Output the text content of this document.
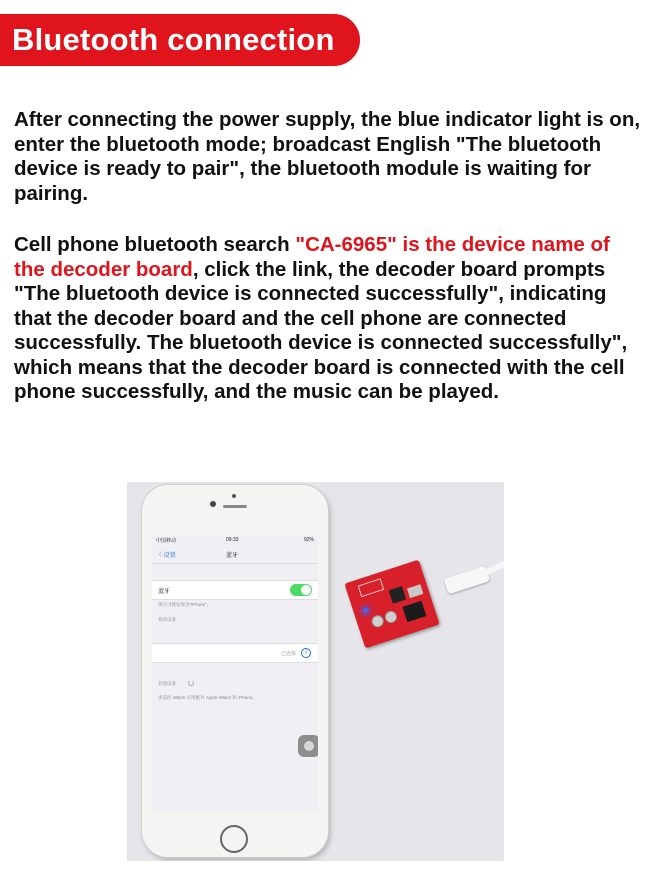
Bluetooth connection

After connecting the power supply, the blue indicator light is on, enter the bluetooth mode; broadcast English "The bluetooth device is ready to pair", the bluetooth module is waiting for pairing.

Cell phone bluetooth search "CA-6965" is the device name of the decoder board, click the link, the decoder board prompts "The bluetooth device is connected successfully", indicating that the decoder board and the cell phone are connected successfully. The bluetooth device is connected successfully", which means that the decoder board is connected with the cell phone successfully, and the music can be played.

中国移动	09:33	92%
〈 设置	蓝牙
蓝牙
现在可被发现为"iPhone"。
我的设备
已连接	i
其他设备
请前往 Watch 应用配对 Apple Watch 和 iPhone。
